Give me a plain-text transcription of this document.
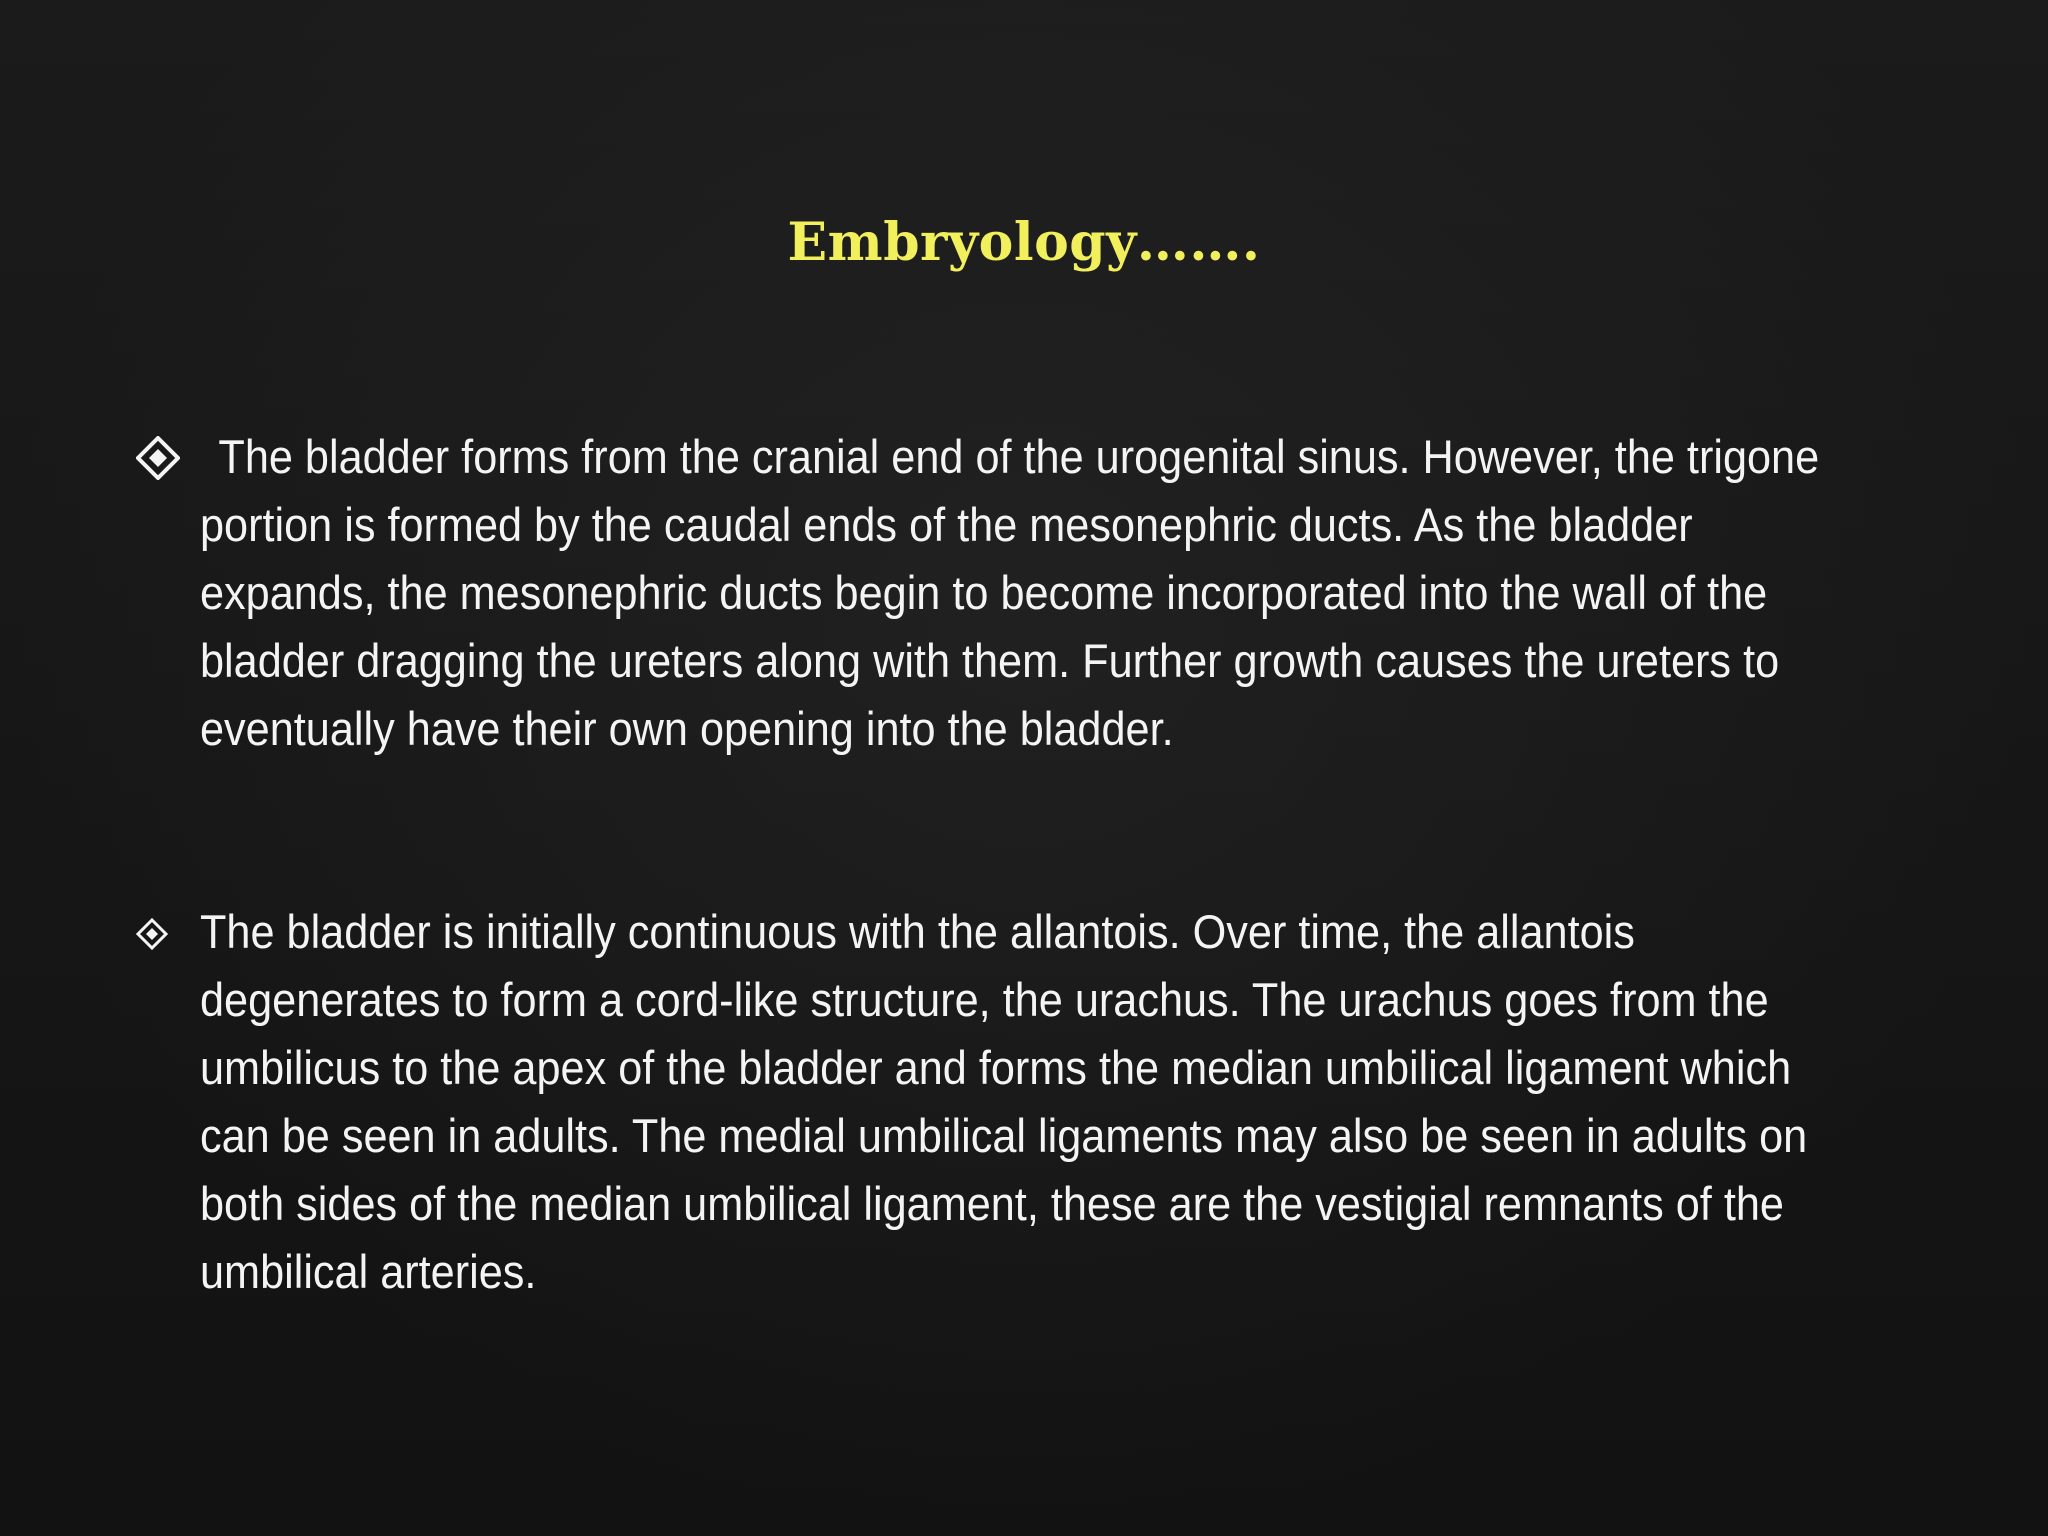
Embryology…….
The bladder forms from the cranial end of the urogenital sinus. However, the trigone portion is formed by the caudal ends of the mesonephric ducts. As the bladder expands, the mesonephric ducts begin to become incorporated into the wall of the bladder dragging the ureters along with them. Further growth causes the ureters to eventually have their own opening into the bladder.
The bladder is initially continuous with the allantois. Over time, the allantois degenerates to form a cord-like structure, the urachus. The urachus goes from the umbilicus to the apex of the bladder and forms the median umbilical ligament which can be seen in adults. The medial umbilical ligaments may also be seen in adults on both sides of the median umbilical ligament, these are the vestigial remnants of the umbilical arteries.
